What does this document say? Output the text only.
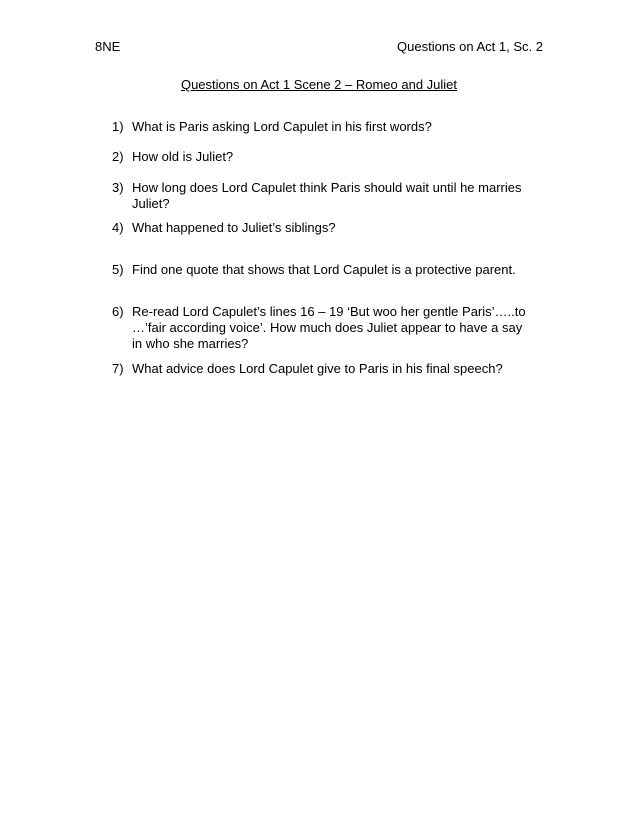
8NE	Questions on Act 1, Sc. 2
Questions on Act 1 Scene 2 – Romeo and Juliet
1) What is Paris asking Lord Capulet in his first words?
2) How old is Juliet?
3) How long does Lord Capulet think Paris should wait until he marries Juliet?
4) What happened to Juliet’s siblings?
5) Find one quote that shows that Lord Capulet is a protective parent.
6) Re-read Lord Capulet’s lines 16 – 19 ‘But woo her gentle Paris’…..to …’fair according voice’. How much does Juliet appear to have a say in who she marries?
7) What advice does Lord Capulet give to Paris in his final speech?
